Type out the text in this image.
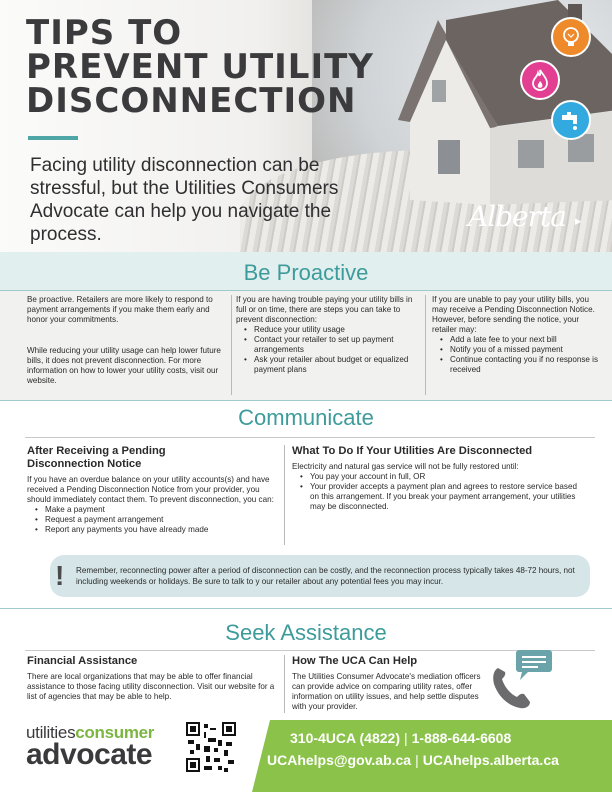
TIPS TO
PREVENT UTILITY
DISCONNECTION
Facing utility disconnection can be stressful, but the Utilities Consumers Advocate can help you navigate the process.
Alberta ▸
Be Proactive

Be proactive. Retailers are more likely to respond to payment arrangements if you make them early and honor your commitments.

While reducing your utility usage can help lower future bills, it does not prevent disconnection. For more information on how to lower your utility costs, visit our website.

If you are having trouble paying your utility bills in full or on time, there are steps you can take to prevent disconnection:

• Reduce your utility usage
• Contact your retailer to set up payment arrangements
• Ask your retailer about budget or equalized payment plans

If you are unable to pay your utility bills, you may receive a Pending Disconnection Notice. However, before sending the notice, your retailer may:

• Add a late fee to your next bill
• Notify you of a missed payment
• Continue contacting you if no response is received
Communicate
After Receiving a Pending Disconnection Notice

If you have an overdue balance on your utility accounts(s) and have received a Pending Disconnection Notice from your provider, you should immediately contact them. To prevent disconnection, you can:

• Make a payment
• Request a payment arrangement
• Report any payments you have already made
What To Do If Your Utilities Are Disconnected

Electricity and natural gas service will not be fully restored until:

• You pay your account in full, OR
• Your provider accepts a payment plan and agrees to restore service based on this arrangement. If you break your payment arrangement, your utilities may be disconnected.
! Remember, reconnecting power after a period of disconnection can be costly, and the reconnection process typically takes 48-72 hours, not including weekends or holidays. Be sure to talk to y our retailer about any potential fees you may incur.
Seek Assistance
Financial Assistance

There are local organizations that may be able to offer financial assistance to those facing utility disconnection. Visit our website for a list of agencies that may be able to help.

How The UCA Can Help

The Utilities Consumer Advocate's mediation officers can provide advice on comparing utility rates, offer information on utility issues, and help settle disputes with your provider.

utilitiesconsumer
advocate	310-4UCA (4822) | 1-888-644-6608
UCAhelps@gov.ab.ca | UCAhelps.alberta.ca
